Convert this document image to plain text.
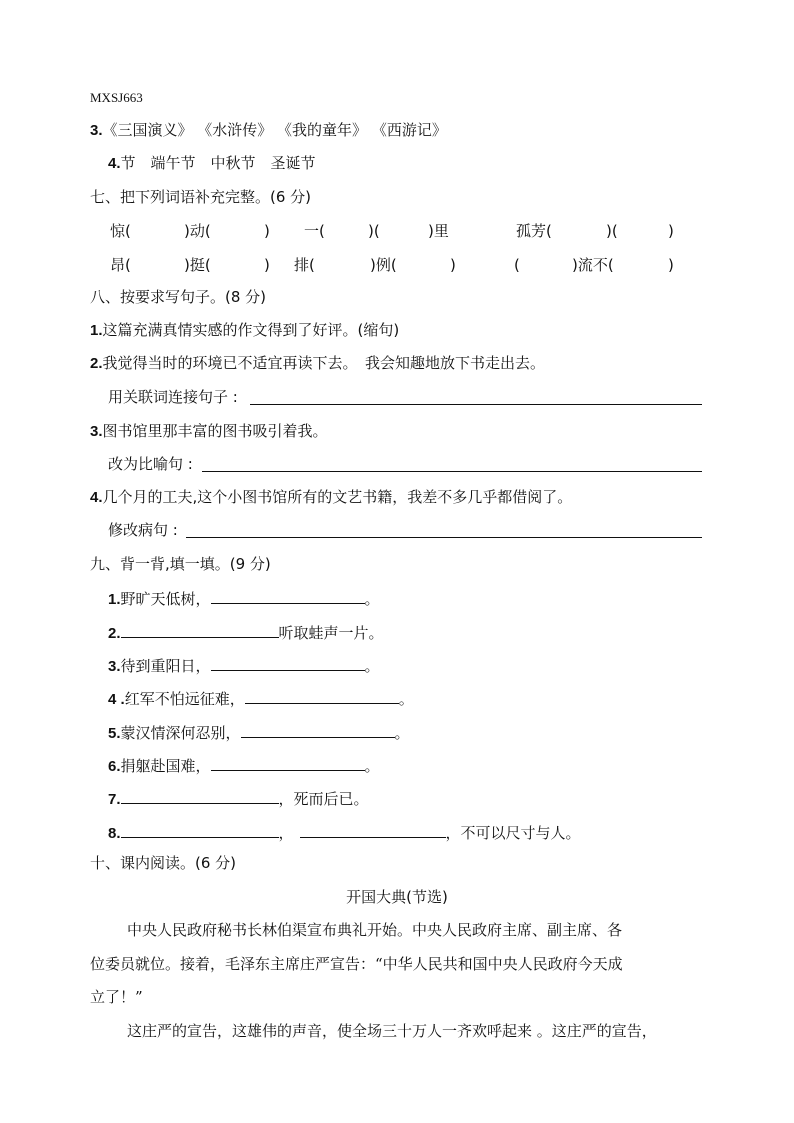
MXSJ663
3.《三国演义》 《水浒传》 《我的童年》 《西游记》
4.节　端午节　中秋节　圣诞节
七、把下列词语补充完整。(6 分)
惊(	)动(	) 一(	)(	)里	孤芳(	)(	)
昂(	)挺(	) 排(	)例(	)	(	)流不(	)
八、按要求写句子。(8 分)
1.这篇充满真情实感的作文得到了好评。(缩句)
2.我觉得当时的环境已不适宜再读下去。　我会知趣地放下书走出去。
用关联词连接句子 :
3.图书馆里那丰富的图书吸引着我。
改为比喻句 :
4.几个月的工夫,这个小图书馆所有的文艺书籍，我差不多几乎都借阅了。
修改病句 :
九、背一背,填一填。(9 分)
1.野旷天低树，	。
2.	听取蛙声一片。
3.待到重阳日，	。
4 .红军不怕远征难，	。
5.蒙汉情深何忍别，	。
6.捐躯赴国难，	。
7.	，死而后已。
8.	，	，不可以尺寸与人。
十、课内阅读。(6 分)
开国大典(节选)
中央人民政府秘书长林伯渠宣布典礼开始。中央人民政府主席、副主席、各
位委员就位。接着，毛泽东主席庄严宣告：“中华人民共和国中央人民政府今天成
立了！”
这庄严的宣告，这雄伟的声音，使全场三十万人一齐欢呼起来 。这庄严的宣告，
